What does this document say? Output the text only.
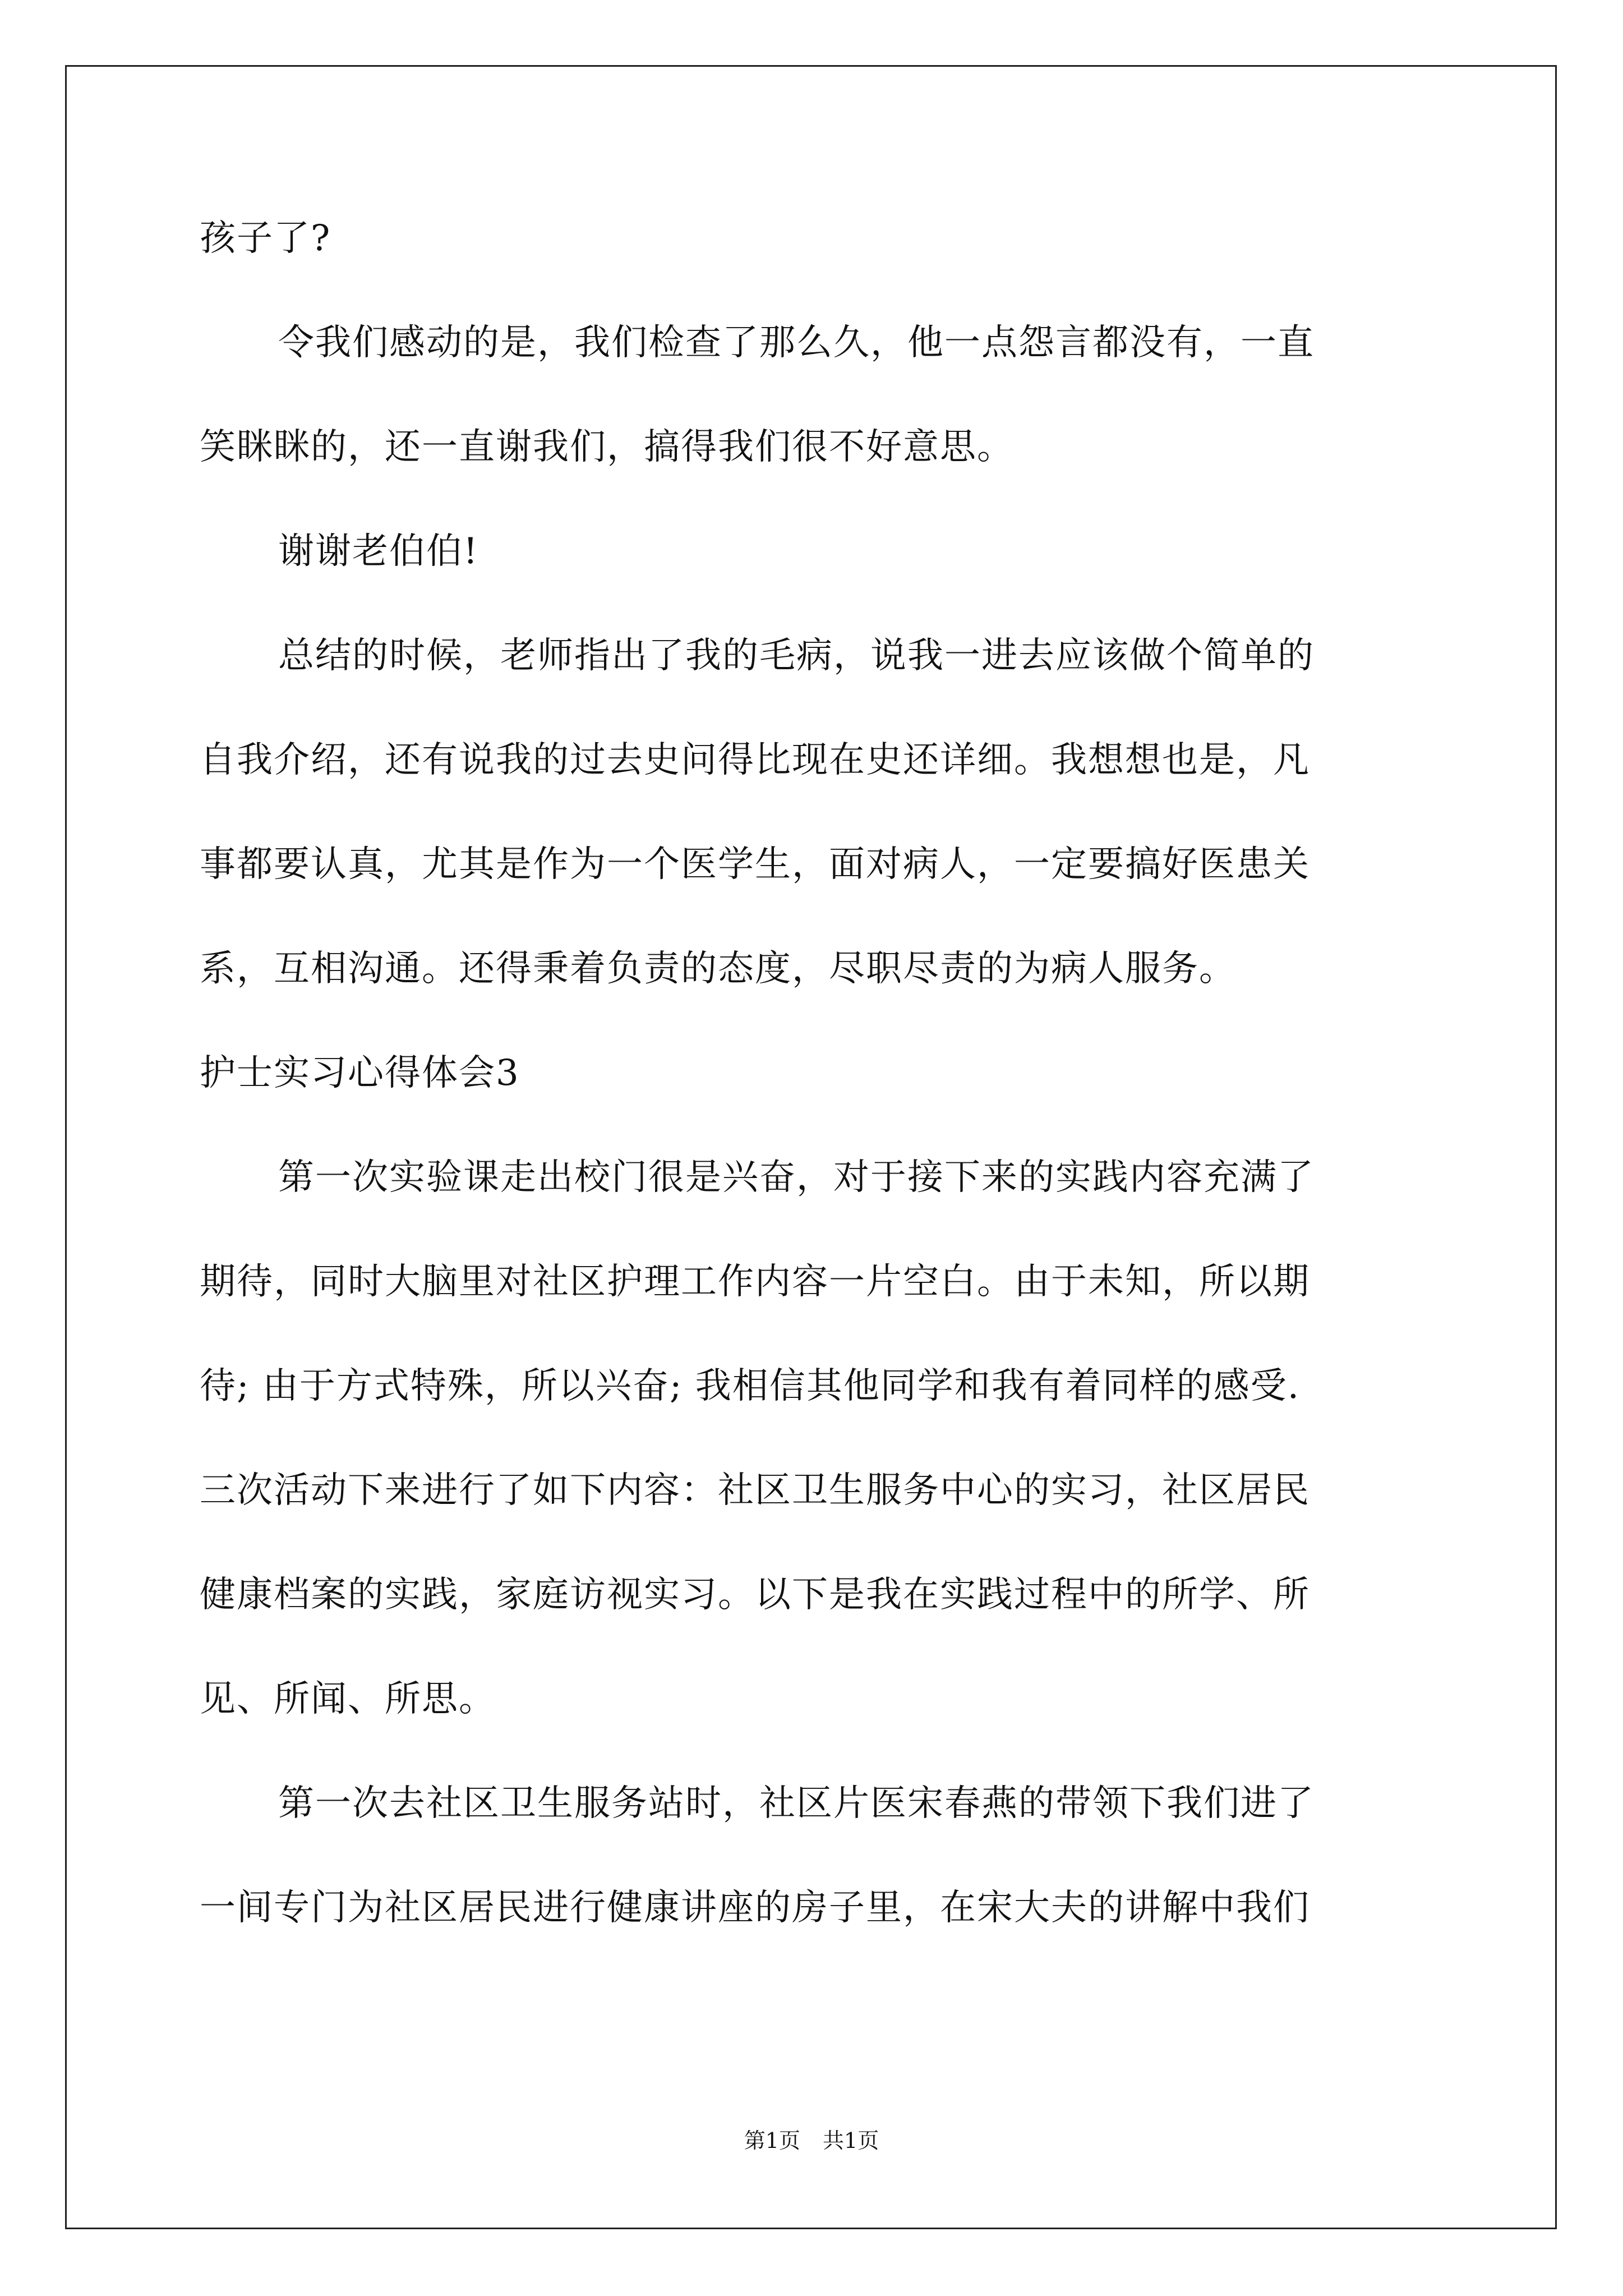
孩子了?
令我们感动的是，我们检查了那么久，他一点怨言都没有，一直
笑眯眯的，还一直谢我们，搞得我们很不好意思。
谢谢老伯伯!
总结的时候，老师指出了我的毛病，说我一进去应该做个简单的
自我介绍，还有说我的过去史问得比现在史还详细。我想想也是，凡
事都要认真，尤其是作为一个医学生，面对病人，一定要搞好医患关
系，互相沟通。还得秉着负责的态度，尽职尽责的为病人服务。
护士实习心得体会3
第一次实验课走出校门很是兴奋，对于接下来的实践内容充满了
期待，同时大脑里对社区护理工作内容一片空白。由于未知，所以期
待; 由于方式特殊，所以兴奋; 我相信其他同学和我有着同样的感受.
三次活动下来进行了如下内容：社区卫生服务中心的实习，社区居民
健康档案的实践，家庭访视实习。以下是我在实践过程中的所学、所
见、所闻、所思。
第一次去社区卫生服务站时，社区片医宋春燕的带领下我们进了
一间专门为社区居民进行健康讲座的房子里，在宋大夫的讲解中我们
第1页 共1页
